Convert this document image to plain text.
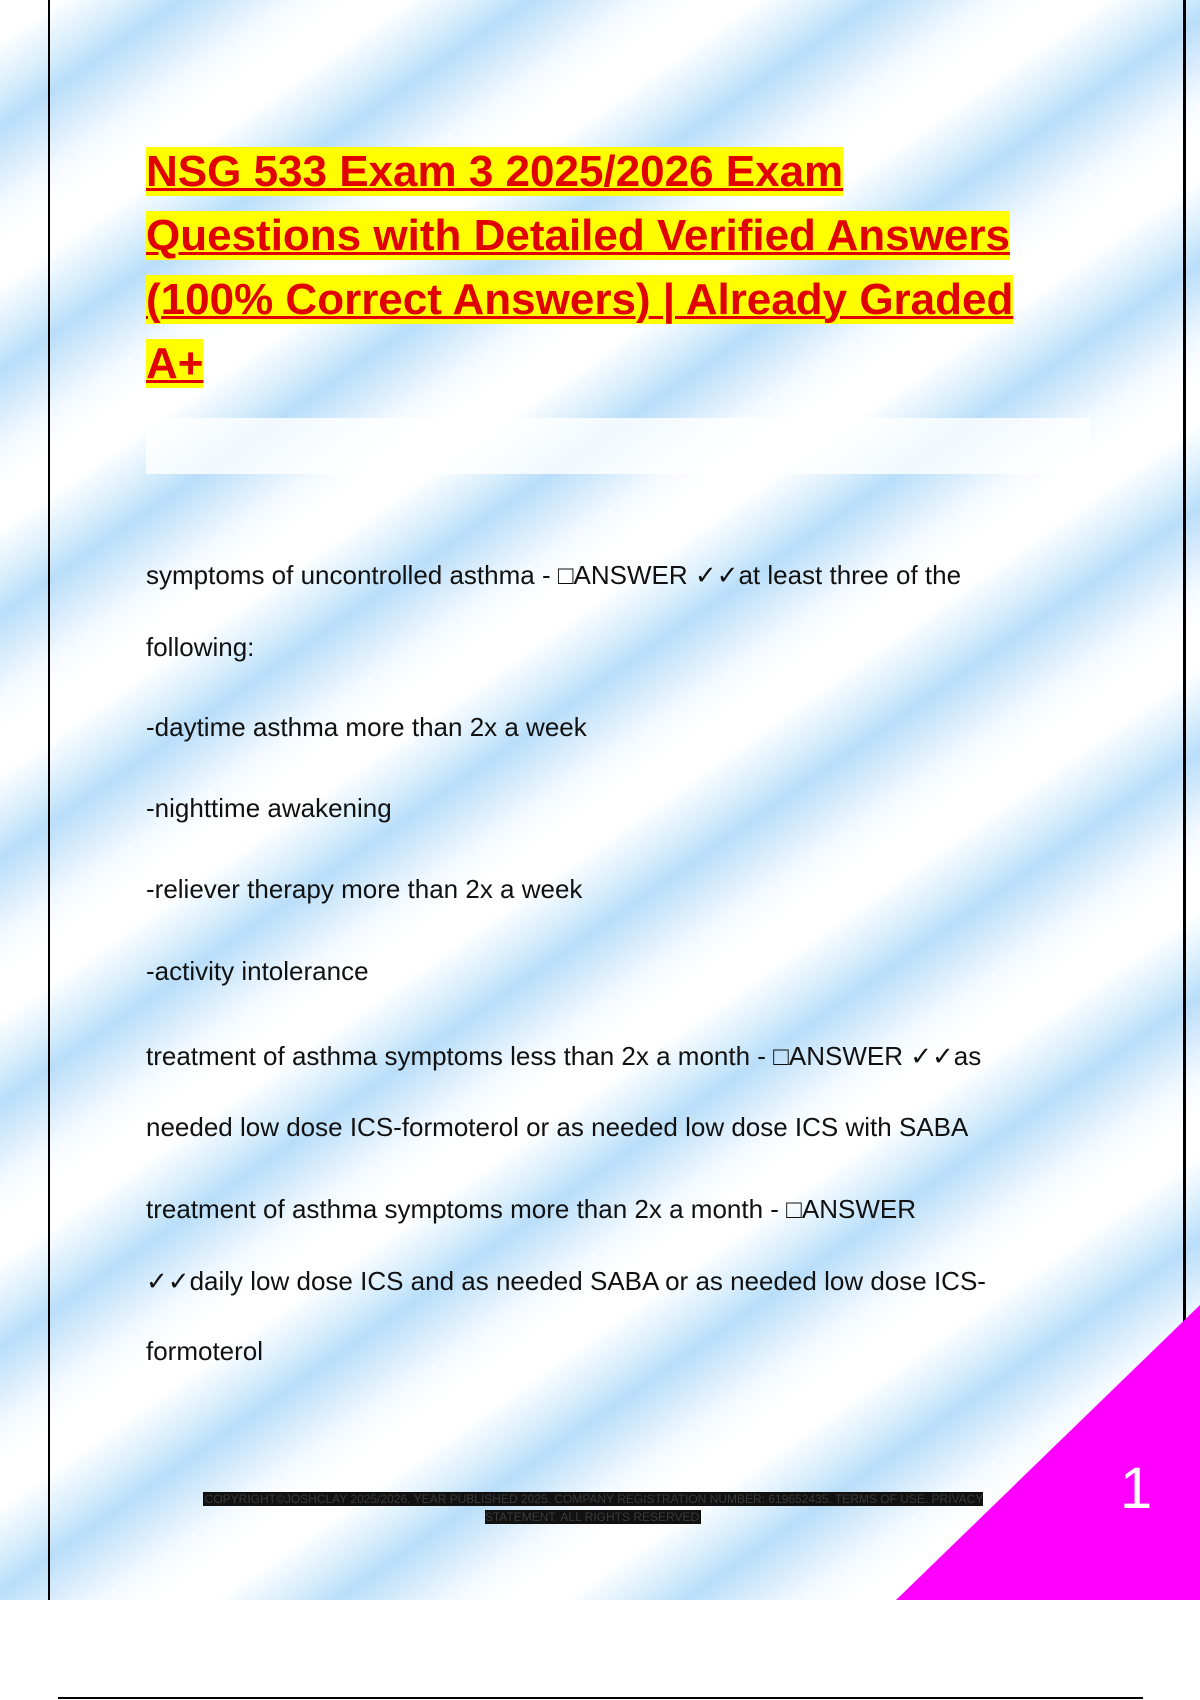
NSG 533 Exam 3 2025/2026 Exam Questions with Detailed Verified Answers (100% Correct Answers) | Already Graded A+
symptoms of uncontrolled asthma - □ANSWER ✓✓at least three of the
following:
-daytime asthma more than 2x a week
-nighttime awakening
-reliever therapy more than 2x a week
-activity intolerance
treatment of asthma symptoms less than 2x a month - □ANSWER ✓✓as
needed low dose ICS-formoterol or as needed low dose ICS with SABA
treatment of asthma symptoms more than 2x a month - □ANSWER
✓✓daily low dose ICS and as needed SABA or as needed low dose ICS-
formoterol
1
COPYRIGHT©JOSHCLAY 2025/2026. YEAR PUBLISHED 2025. COMPANY REGISTRATION NUMBER: 619652435. TERMS OF USE. PRIVACY STATEMENT. ALL RIGHTS RESERVED
